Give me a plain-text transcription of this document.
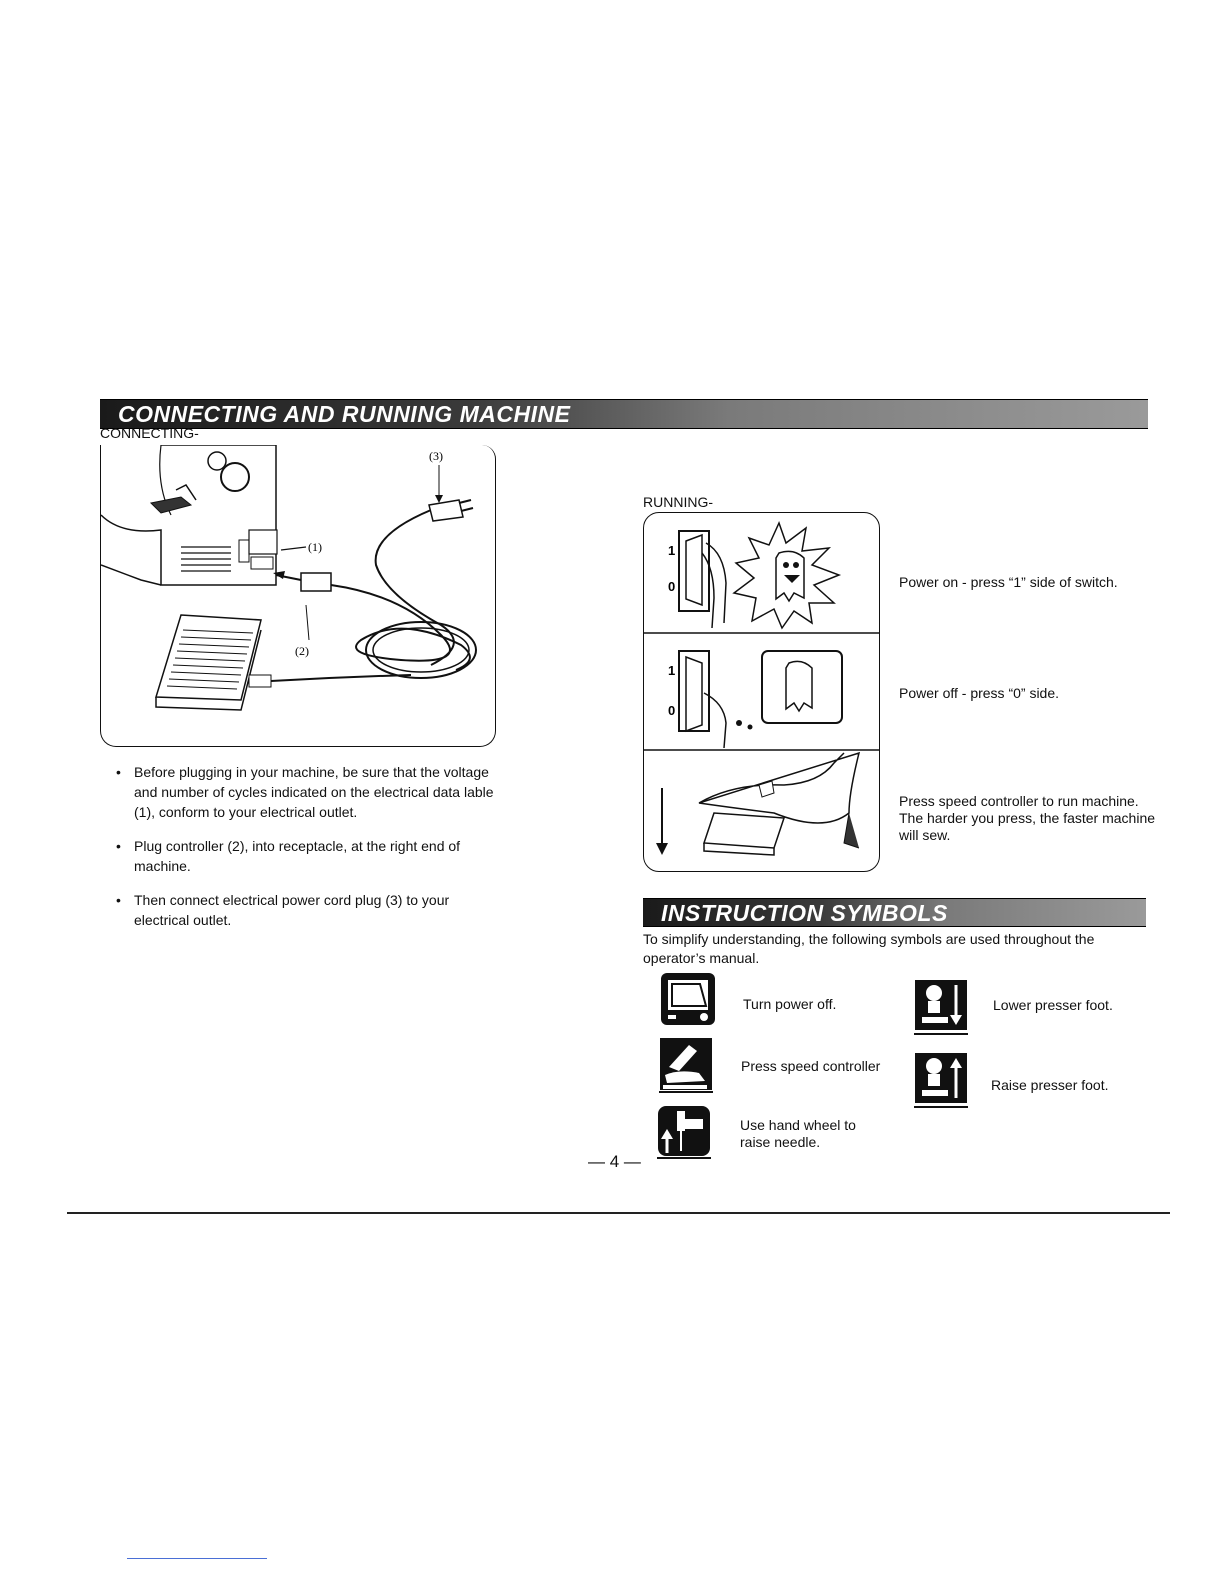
CONNECTING AND RUNNING MACHINE
CONNECTING-
(1)
(2)
(3)
• Before plugging in your machine, be sure that the voltage and number of cycles indicated on the electrical data lable (1), conform to your electrical outlet.
• Plug controller (2), into receptacle, at the right end of machine.
• Then connect electrical power cord plug (3) to your electrical outlet.
RUNNING-
1
0
1
0
Power on - press “1” side of switch.
Power off - press “0” side.
Press speed controller to run machine. The harder you press, the faster machine will sew.
INSTRUCTION SYMBOLS
To simplify understanding, the following symbols are used throughout the operator’s manual.
Turn power off.
Press speed controller
Use hand wheel to raise needle.
Lower presser foot.
Raise presser foot.
— 4 —
